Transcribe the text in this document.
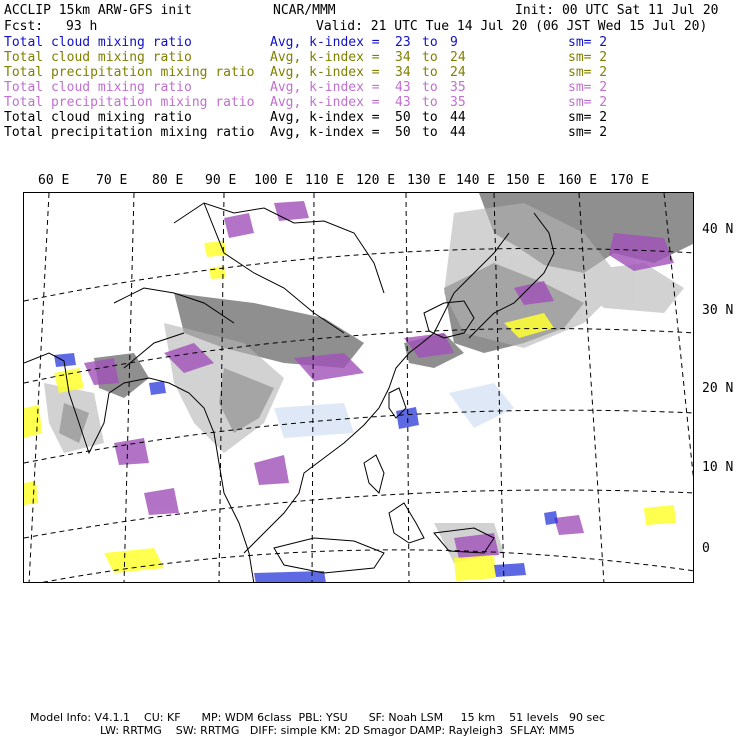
ACCLIP 15km ARW-GFS init	NCAR/MMM	Init: 00 UTC Sat 11 Jul 20
Fcst: 93 h	Valid: 21 UTC Tue 14 Jul 20 (06 JST Wed 15 Jul 20)
Total cloud mixing ratio	Avg, k-index = 23 to 9	sm= 2
Total cloud mixing ratio	Avg, k-index = 34 to 24	sm= 2
Total precipitation mixing ratio Avg, k-index = 34 to 24	sm= 2
Total cloud mixing ratio	Avg, k-index = 43 to 35	sm= 2
Total precipitation mixing ratio Avg, k-index = 43 to 35	sm= 2
Total cloud mixing ratio	Avg, k-index = 50 to 44	sm= 2
Total precipitation mixing ratio Avg, k-index = 50 to 44	sm= 2
60 E 70 E 80 E 90 E 100 E 110 E 120 E 130 E 140 E 150 E 160 E 170 E
40 N
30 N
20 N
10 N
0
Model Info: V4.1.1    CU: KF      MP: WDM 6class  PBL: YSU      SF: Noah LSM     15 km    51 levels   90 sec
LW: RRTMG    SW: RRTMG   DIFF: simple KM: 2D Smagor DAMP: Rayleigh3  SFLAY: MM5
